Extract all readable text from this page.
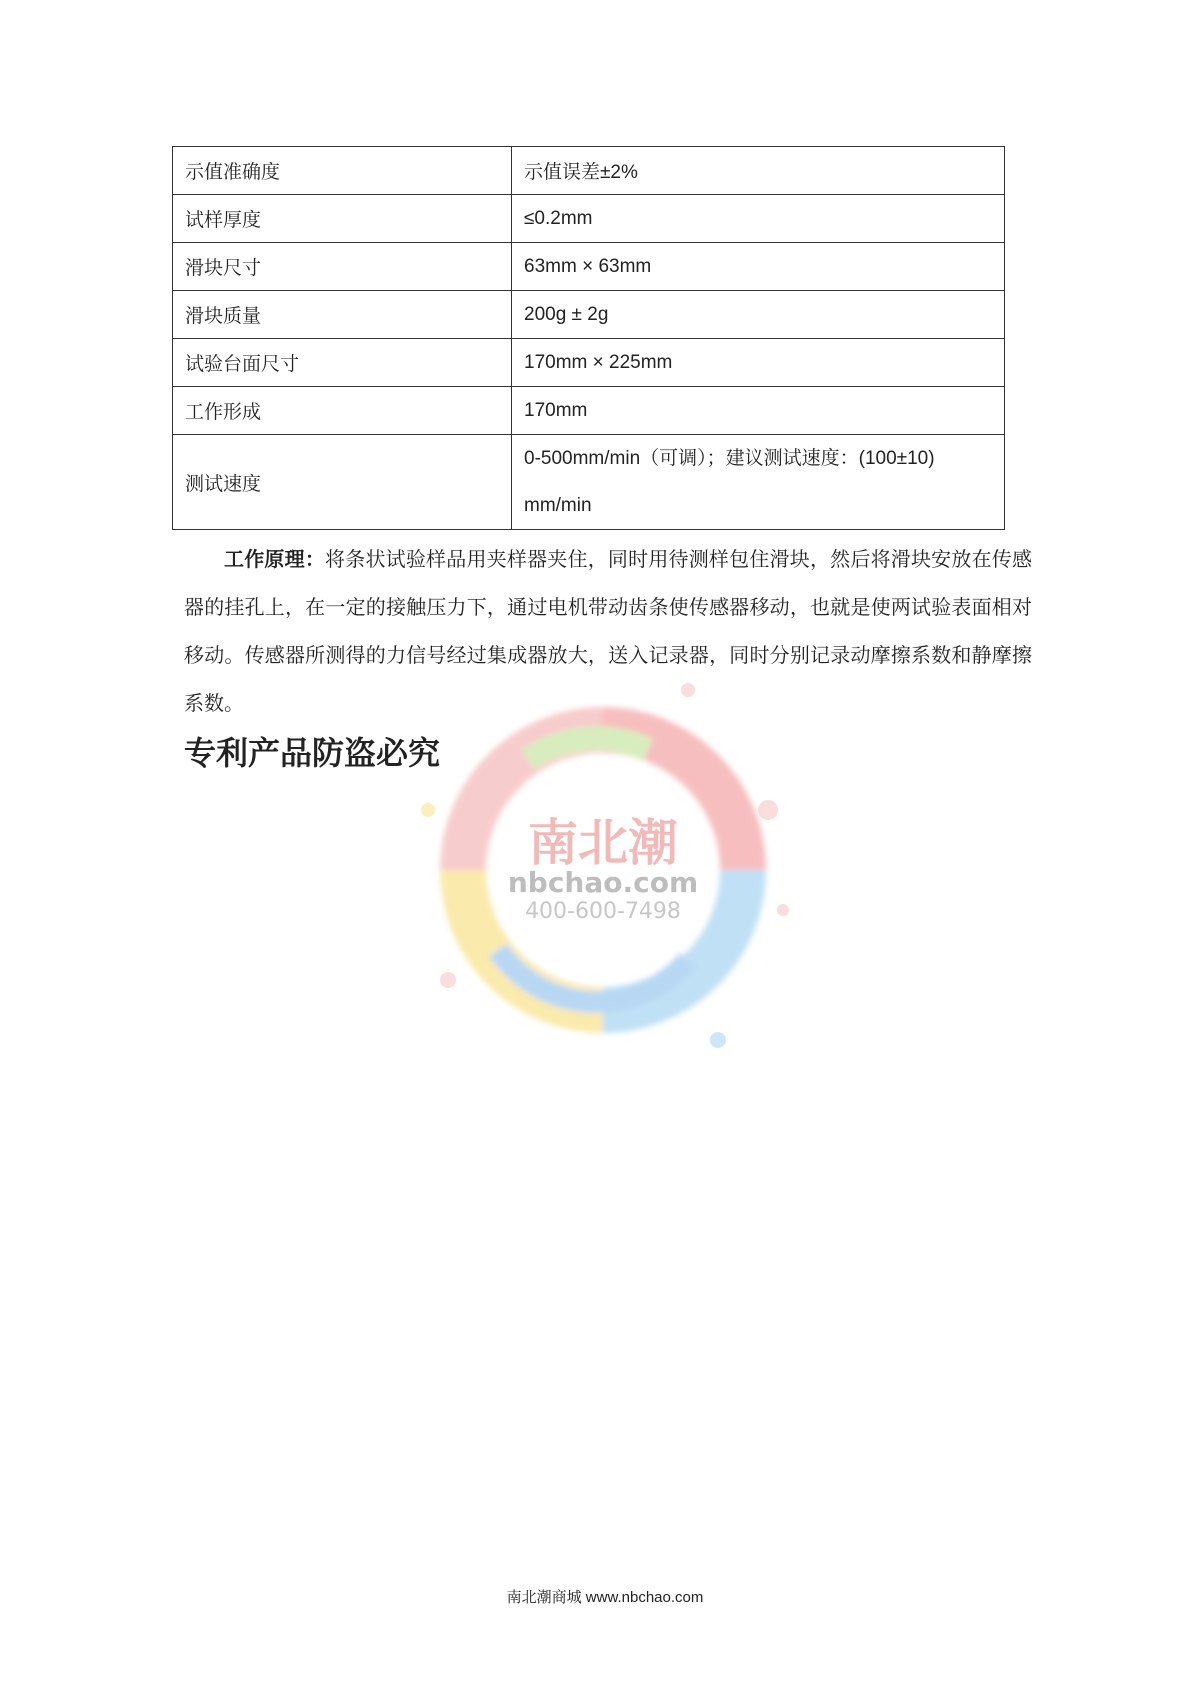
示值准确度	示值误差±2%
试样厚度	≤0.2mm
滑块尺寸	63mm × 63mm
滑块质量	200g ± 2g
试验台面尺寸	170mm × 225mm
工作形成	170mm
测试速度	0-500mm/min（可调）；建议测试速度：(100±10) mm/min
南北潮
nbchao.com
400-600-7498

工作原理：将条状试验样品用夹样器夹住，同时用待测样包住滑块，然后将滑块安放在传感器的挂孔上，在一定的接触压力下，通过电机带动齿条使传感器移动，也就是使两试验表面相对移动。传感器所测得的力信号经过集成器放大，送入记录器，同时分别记录动摩擦系数和静摩擦系数。

专利产品防盗必究
南北潮商城 www.nbchao.com
